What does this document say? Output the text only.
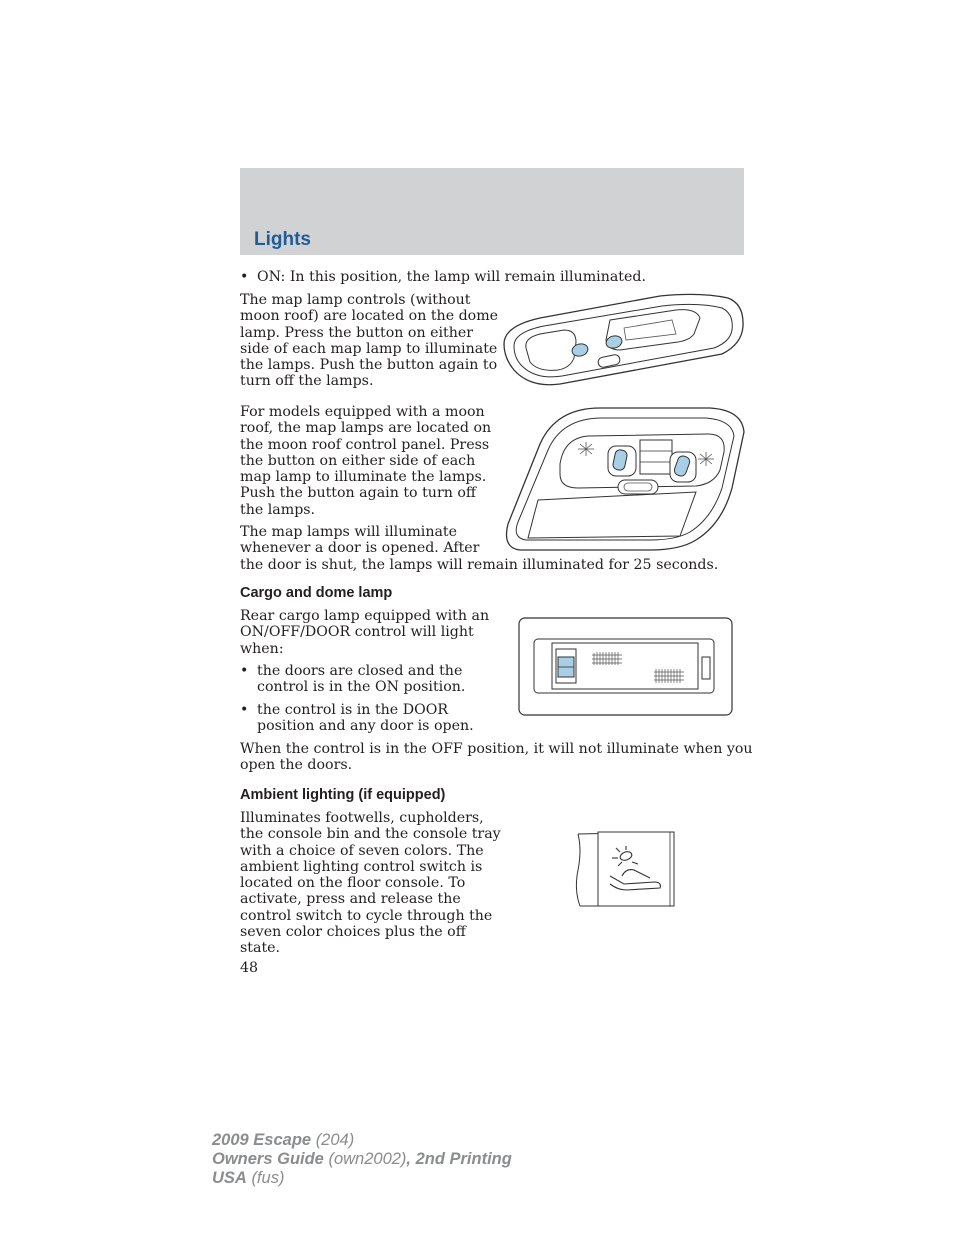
Lights
• ON: In this position, the lamp will remain illuminated.
The map lamp controls (without
moon roof) are located on the dome
lamp. Press the button on either
side of each map lamp to illuminate
the lamps. Push the button again to
turn off the lamps.
For models equipped with a moon
roof, the map lamps are located on
the moon roof control panel. Press
the button on either side of each
map lamp to illuminate the lamps.
Push the button again to turn off
the lamps.
The map lamps will illuminate
whenever a door is opened. After
the door is shut, the lamps will remain illuminated for 25 seconds.
Cargo and dome lamp
Rear cargo lamp equipped with an
ON/OFF/DOOR control will light
when:
• the doors are closed and the
control is in the ON position.
• the control is in the DOOR
position and any door is open.
When the control is in the OFF position, it will not illuminate when you
open the doors.
Ambient lighting (if equipped)
Illuminates footwells, cupholders,
the console bin and the console tray
with a choice of seven colors. The
ambient lighting control switch is
located on the floor console. To
activate, press and release the
control switch to cycle through the
seven color choices plus the off
state.
48
2009 Escape (204)
Owners Guide (own2002), 2nd Printing
USA (fus)
